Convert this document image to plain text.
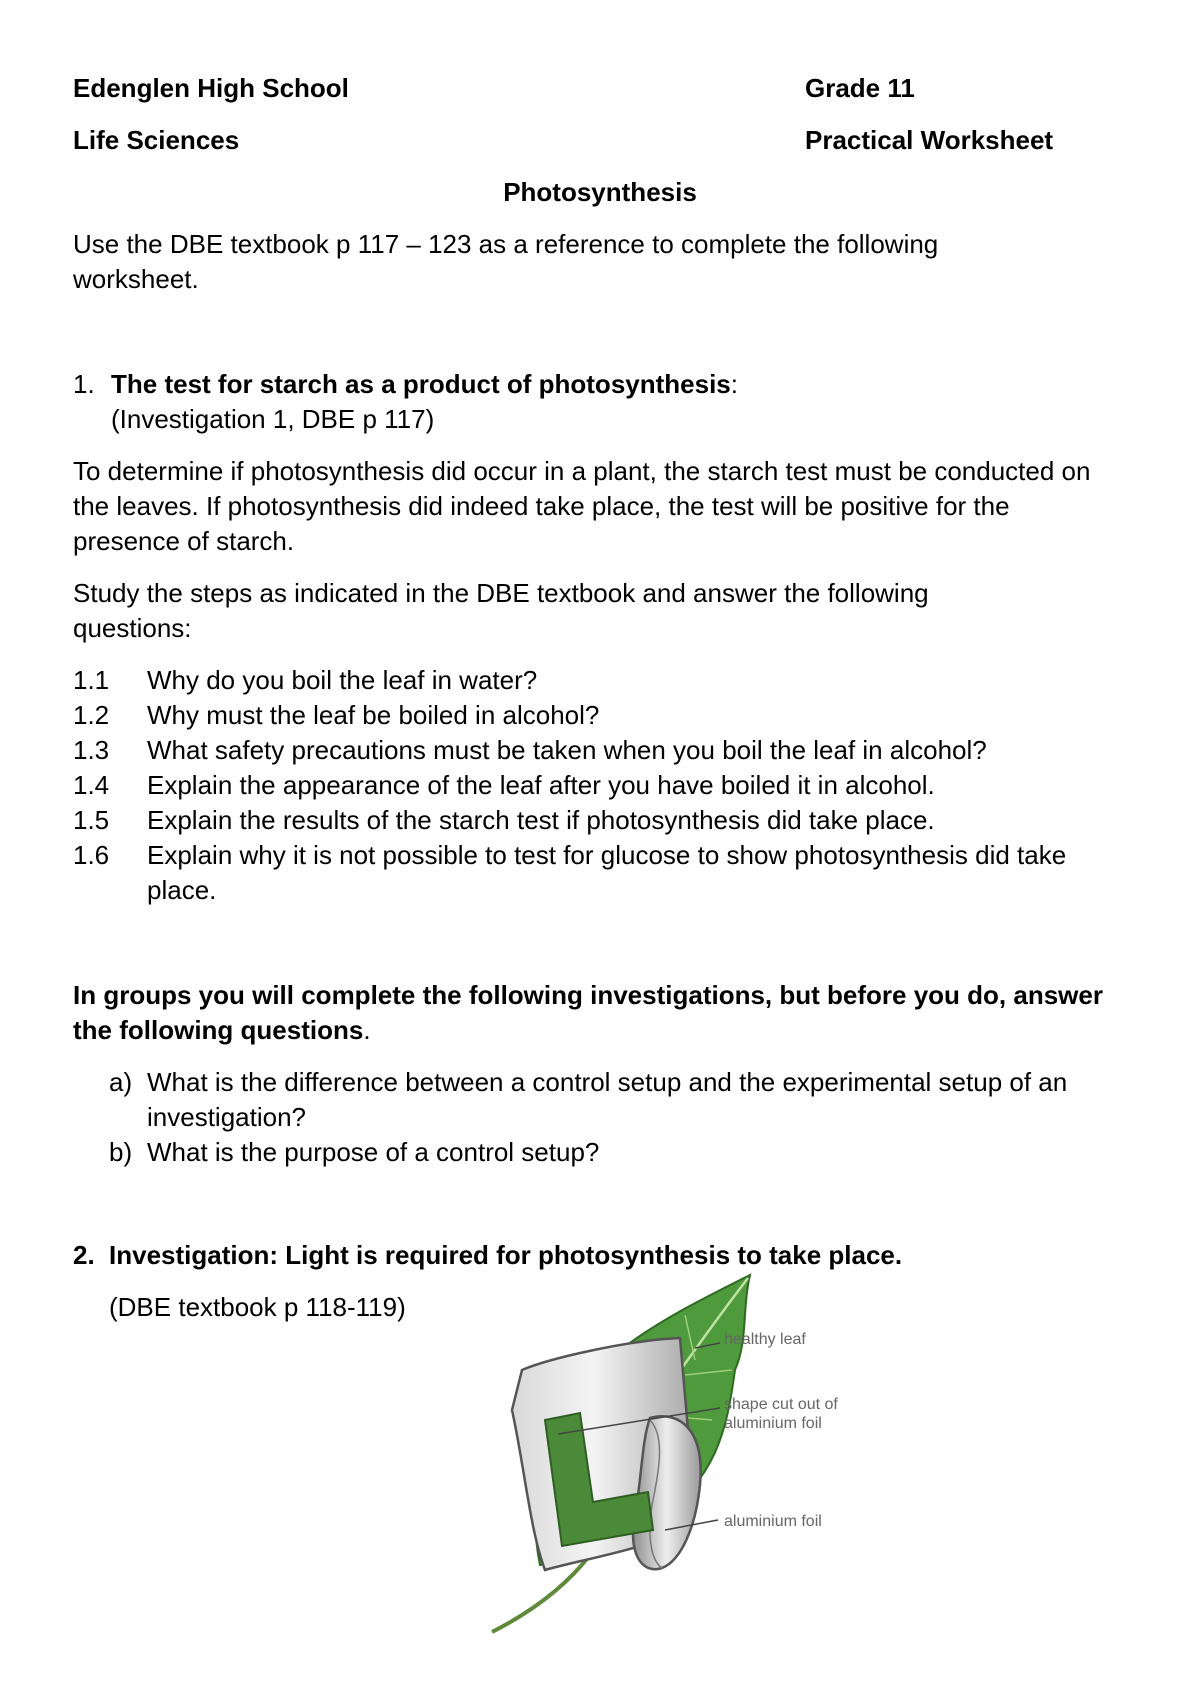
Edenglen High School	Grade 11
Life Sciences	Practical Worksheet
Photosynthesis
Use the DBE textbook p 117 – 123 as a reference to complete the following worksheet.
1. The test for starch as a product of photosynthesis:
(Investigation 1, DBE p 117)
To determine if photosynthesis did occur in a plant, the starch test must be conducted on the leaves. If photosynthesis did indeed take place, the test will be positive for the presence of starch.
Study the steps as indicated in the DBE textbook and answer the following questions:
1.1 Why do you boil the leaf in water?
1.2 Why must the leaf be boiled in alcohol?
1.3 What safety precautions must be taken when you boil the leaf in alcohol?
1.4 Explain the appearance of the leaf after you have boiled it in alcohol.
1.5 Explain the results of the starch test if photosynthesis did take place.
1.6 Explain why it is not possible to test for glucose to show photosynthesis did take place.
In groups you will complete the following investigations, but before you do, answer the following questions.
a) What is the difference between a control setup and the experimental setup of an investigation?
b) What is the purpose of a control setup?
2. Investigation: Light is required for photosynthesis to take place.
(DBE textbook p 118-119)
healthy leaf
shape cut out of
aluminium foil
aluminium foil
